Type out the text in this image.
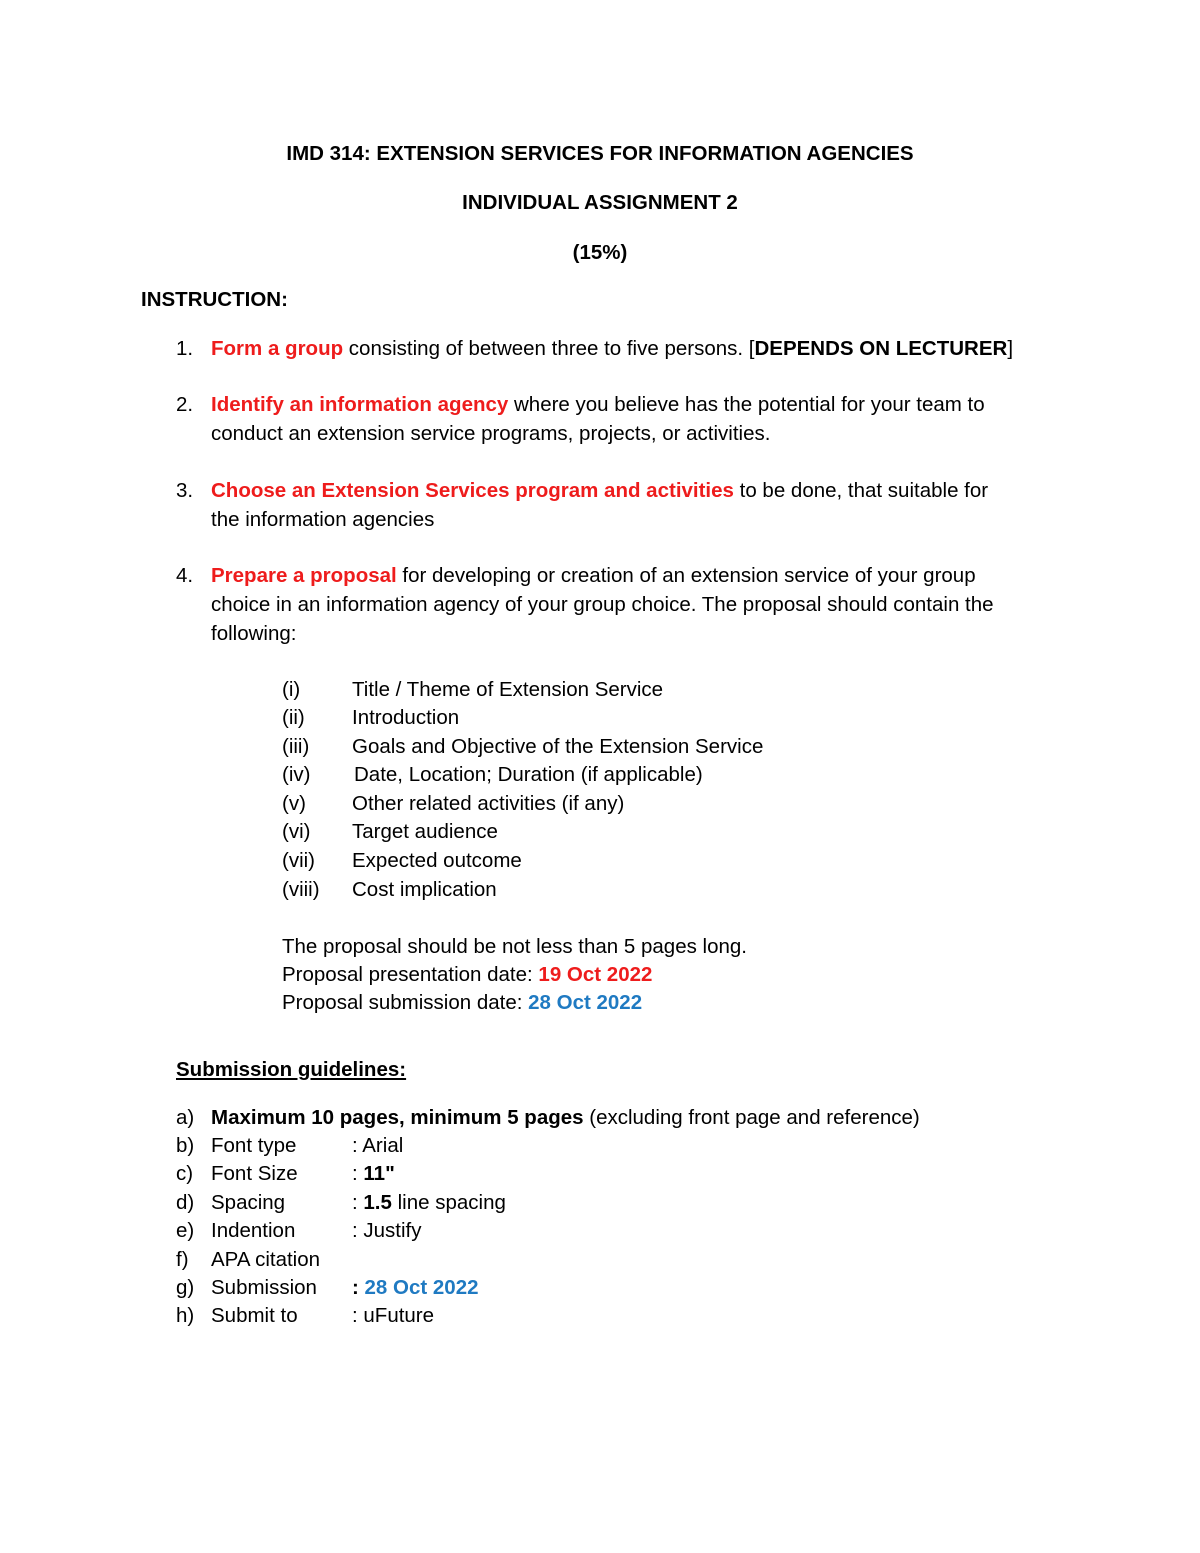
IMD 314: EXTENSION SERVICES FOR INFORMATION AGENCIES
INDIVIDUAL ASSIGNMENT 2
(15%)
INSTRUCTION:
1. Form a group consisting of between three to five persons. [DEPENDS ON LECTURER]
2. Identify an information agency where you believe has the potential for your team to
conduct an extension service programs, projects, or activities.
3. Choose an Extension Services program and activities to be done, that suitable for
the information agencies
4. Prepare a proposal for developing or creation of an extension service of your group
choice in an information agency of your group choice. The proposal should contain the
following:
(i)	Title / Theme of Extension Service
(ii) Introduction
(iii) Goals and Objective of the Extension Service
(iv) Date, Location; Duration (if applicable)
(v) Other related activities (if any)
(vi) Target audience
(vii) Expected outcome
(viii) Cost implication
The proposal should be not less than 5 pages long.
Proposal presentation date: 19 Oct 2022
Proposal submission date: 28 Oct 2022
Submission guidelines:
a) Maximum 10 pages, minimum 5 pages (excluding front page and reference)
b) Font type	: Arial
c) Font Size	: 11"
d) Spacing	: 1.5 line spacing
e) Indention	: Justify
f) APA citation
g) Submission : 28 Oct 2022
h) Submit to	: uFuture
